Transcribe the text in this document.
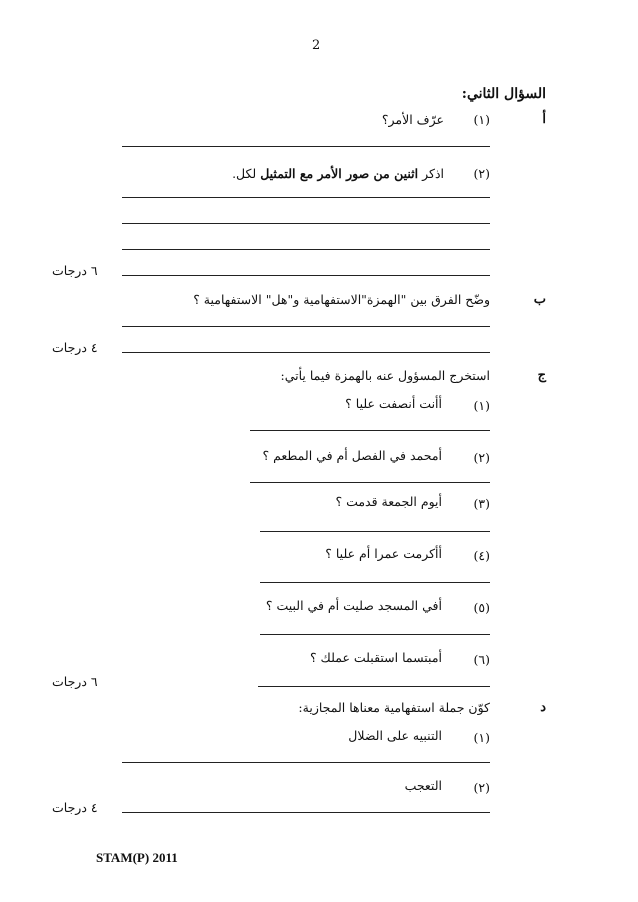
2
السؤال الثاني:
أ
(١)
عرّف الأمر؟
(٢)
اذكر اثنين من صور الأمر مع التمثيل لكل.
٦ درجات
ب
وضّح الفرق بين "الهمزة"الاستفهامية و"هل" الاستفهامية ؟
٤ درجات
ج
استخرج المسؤول عنه بالهمزة فيما يأتي:
(١)
أأنت أنصفت عليا ؟
(٢)
أمحمد في الفصل أم في المطعم ؟
(٣)
أيوم الجمعة قدمت ؟
(٤)
أأكرمت عمرا أم عليا ؟
(٥)
أفي المسجد صليت أم في البيت ؟
(٦)
أمبتسما استقبلت عملك ؟
٦ درجات
د
كوّن جملة استفهامية معناها المجازية:
(١)
التنبيه على الضلال
(٢)
التعجب
٤ درجات
STAM(P) 2011
